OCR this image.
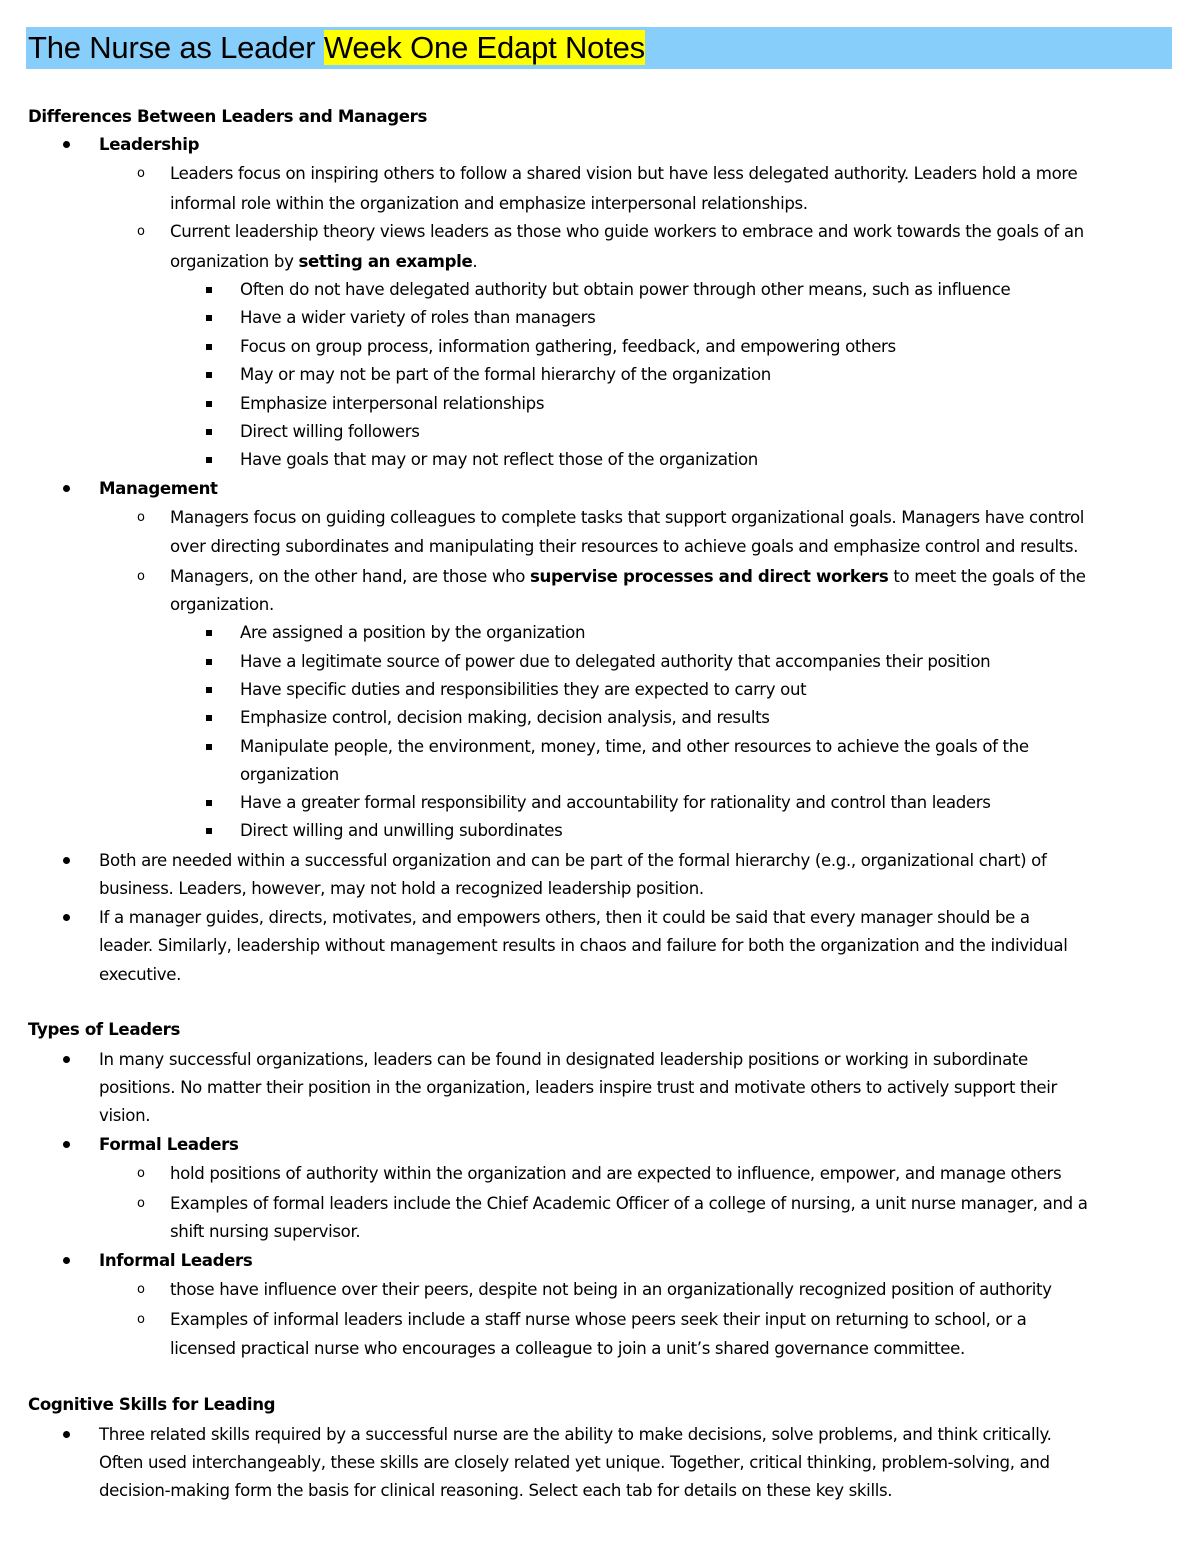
The Nurse as Leader Week One Edapt Notes
Differences Between Leaders and Managers
Leadership
o Leaders focus on inspiring others to follow a shared vision but have less delegated authority. Leaders hold a more
informal role within the organization and emphasize interpersonal relationships.
o Current leadership theory views leaders as those who guide workers to embrace and work towards the goals of an
organization by setting an example.
Often do not have delegated authority but obtain power through other means, such as influence
Have a wider variety of roles than managers
Focus on group process, information gathering, feedback, and empowering others
May or may not be part of the formal hierarchy of the organization
Emphasize interpersonal relationships
Direct willing followers
Have goals that may or may not reflect those of the organization
Management
o Managers focus on guiding colleagues to complete tasks that support organizational goals. Managers have control
over directing subordinates and manipulating their resources to achieve goals and emphasize control and results.
o Managers, on the other hand, are those who supervise processes and direct workers to meet the goals of the
organization.
Are assigned a position by the organization
Have a legitimate source of power due to delegated authority that accompanies their position
Have specific duties and responsibilities they are expected to carry out
Emphasize control, decision making, decision analysis, and results
Manipulate people, the environment, money, time, and other resources to achieve the goals of the
organization
Have a greater formal responsibility and accountability for rationality and control than leaders
Direct willing and unwilling subordinates
Both are needed within a successful organization and can be part of the formal hierarchy (e.g., organizational chart) of
business. Leaders, however, may not hold a recognized leadership position.
If a manager guides, directs, motivates, and empowers others, then it could be said that every manager should be a
leader. Similarly, leadership without management results in chaos and failure for both the organization and the individual
executive.
Types of Leaders
In many successful organizations, leaders can be found in designated leadership positions or working in subordinate
positions. No matter their position in the organization, leaders inspire trust and motivate others to actively support their
vision.
Formal Leaders
o hold positions of authority within the organization and are expected to influence, empower, and manage others
o Examples of formal leaders include the Chief Academic Officer of a college of nursing, a unit nurse manager, and a
shift nursing supervisor.
Informal Leaders
o those have influence over their peers, despite not being in an organizationally recognized position of authority
o Examples of informal leaders include a staff nurse whose peers seek their input on returning to school, or a
licensed practical nurse who encourages a colleague to join a unit’s shared governance committee.
Cognitive Skills for Leading
Three related skills required by a successful nurse are the ability to make decisions, solve problems, and think critically.
Often used interchangeably, these skills are closely related yet unique. Together, critical thinking, problem-solving, and
decision-making form the basis for clinical reasoning. Select each tab for details on these key skills.
